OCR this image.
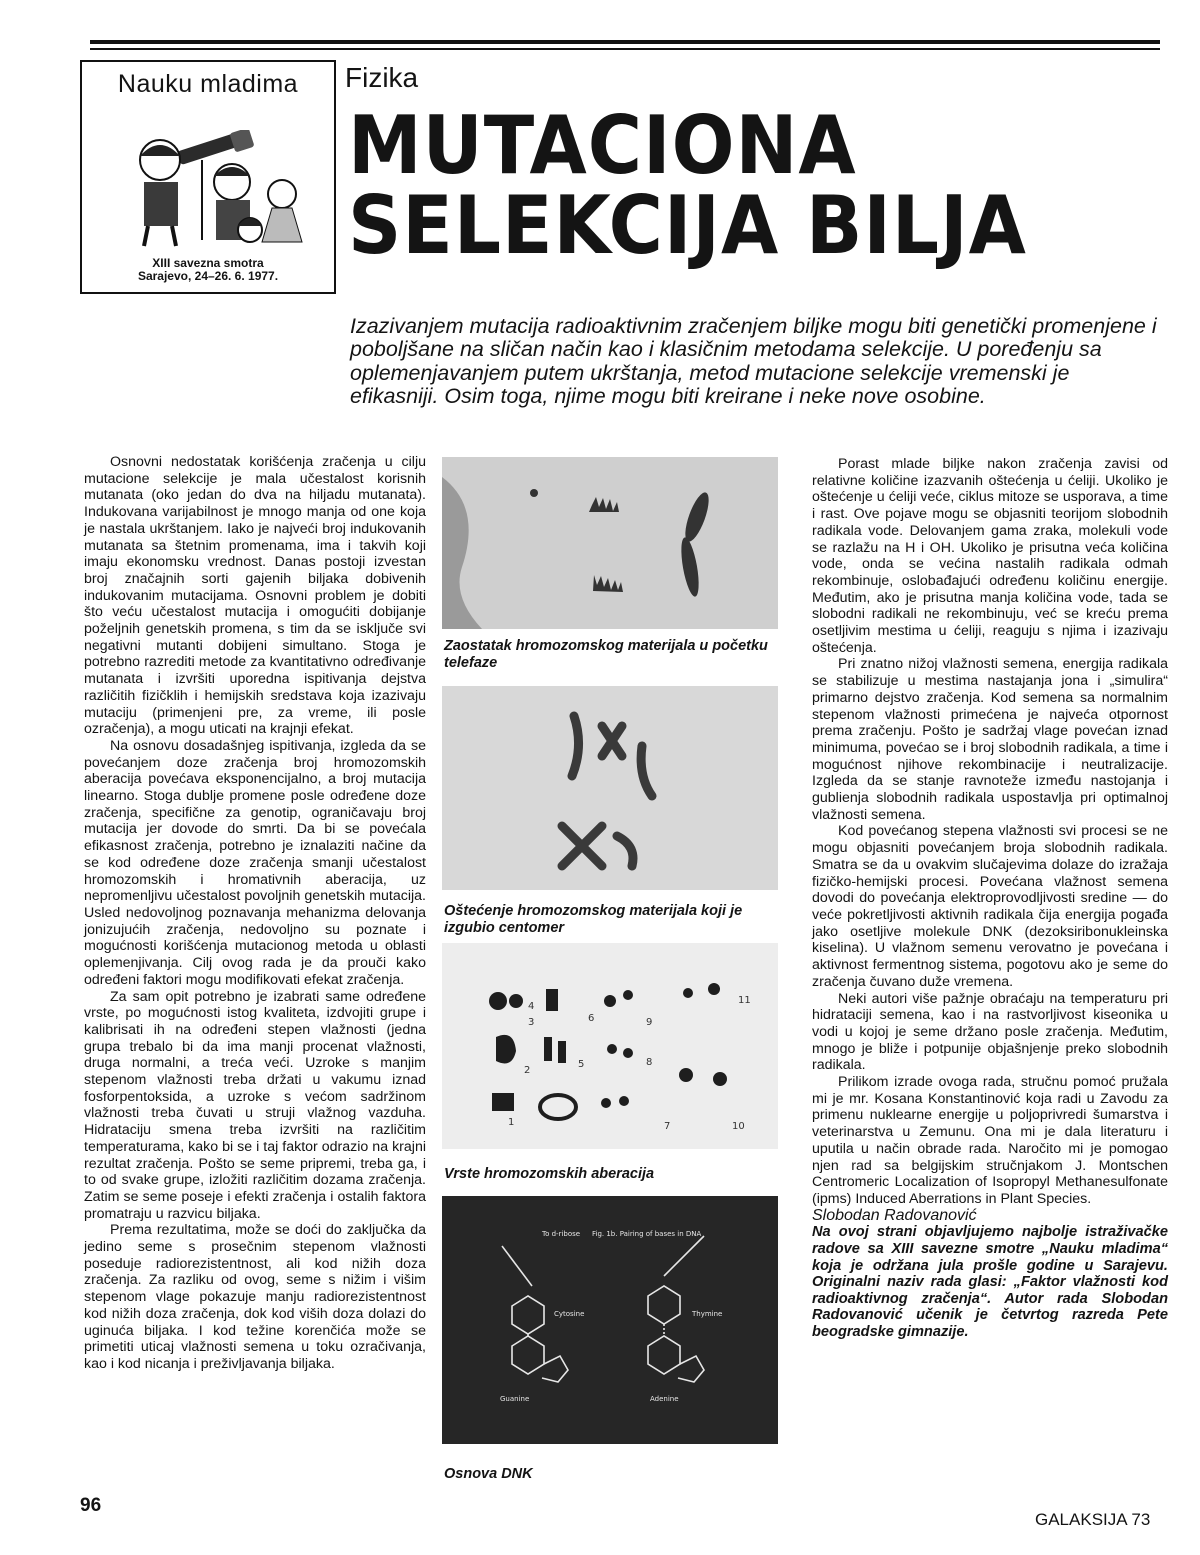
Nauku mladima
XIII savezna smotra
Sarajevo, 24–26. 6. 1977.
Fizika
MUTACIONA
SELEKCIJA BILJA
Izazivanjem mutacija radioaktivnim zračenjem biljke mogu biti genetički promenjene i poboljšane na sličan način kao i klasičnim metodama selekcije. U poređenju sa oplemenjavanjem putem ukrštanja, metod mutacione selekcije vremenski je efikasniji. Osim toga, njime mogu biti kreirane i neke nove osobine.

Osnovni nedostatak korišćenja zračenja u cilju mutacione selekcije je mala učestalost korisnih mutanata (oko jedan do dva na hiljadu mutanata). Indukovana varijabilnost je mnogo manja od one koja je nastala ukrštanjem. Iako je najveći broj indukovanih mutanata sa štetnim promenama, ima i takvih koji imaju ekonomsku vrednost. Danas postoji izvestan broj značajnih sorti gajenih biljaka dobivenih indukovanim mutacijama. Osnovni problem je dobiti što veću učestalost mutacija i omogućiti dobijanje poželjnih genetskih promena, s tim da se isključe svi negativni mutanti dobijeni simultano. Stoga je potrebno razrediti metode za kvantitativno određivanje mutanata i izvršiti uporedna ispitivanja dejstva različitih fizičklih i hemijskih sredstava koja izazivaju mutaciju (primenjeni pre, za vreme, ili posle ozračenja), a mogu uticati na krajnji efekat.

Na osnovu dosadašnjeg ispitivanja, izgleda da se povećanjem doze zračenja broj hromozomskih aberacija povećava eksponencijalno, a broj mutacija linearno. Stoga dublje promene posle određene doze zračenja, specifične za genotip, ograničavaju broj mutacija jer dovode do smrti. Da bi se povećala efikasnost zračenja, potrebno je iznalaziti načine da se kod određene doze zračenja smanji učestalost hromozomskih i hromativnih aberacija, uz nepromenljivu učestalost povoljnih genetskih mutacija. Usled nedovoljnog poznavanja mehanizma delovanja jonizujućih zračenja, nedovoljno su poznate i mogućnosti korišćenja mutacionog metoda u oblasti oplemenjivanja. Cilj ovog rada je da prouči kako određeni faktori mogu modifikovati efekat zračenja.

Za sam opit potrebno je izabrati same određene vrste, po mogućnosti istog kvaliteta, izdvojiti grupe i kalibrisati ih na određeni stepen vlažnosti (jedna grupa trebalo bi da ima manji procenat vlažnosti, druga normalni, a treća veći. Uzroke s manjim stepenom vlažnosti treba držati u vakumu iznad fosforpentoksida, a uzroke s većom sadržinom vlažnosti treba čuvati u struji vlažnog vazduha. Hidrataciju smena treba izvršiti na različitim temperaturama, kako bi se i taj faktor odrazio na krajni rezultat zračenja. Pošto se seme pripremi, treba ga, i to od svake grupe, izložiti različitim dozama zračenja. Zatim se seme poseje i efekti zračenja i ostalih faktora promatraju u razvicu biljaka.

Prema rezultatima, može se doći do zaključka da jedino seme s prosečnim stepenom vlažnosti poseduje radiorezistentnost, ali kod nižih doza zračenja. Za razliku od ovog, seme s nižim i višim stepenom vlage pokazuje manju radiorezistentnost kod nižih doza zračenja, dok kod viših doza dolazi do uginuća biljaka. I kod težine korenčića može se primetiti uticaj vlažnosti semena u toku ozračivanja, kao i kod nicanja i preživljavanja biljaka.

Zaostatak hromozomskog materijala u početku telefaze
Oštećenje hromozomskog materijala koji je izgubio centomer
1
2
3
4
5
6
7
8
9
10
11
Vrste hromozomskih aberacija
To d-ribose
Cytosine
Guanine
Thymine
Adenine
Fig. 1b. Pairing of bases in DNA
Osnova DNK

Porast mlade biljke nakon zračenja zavisi od relativne količine izazvanih oštećenja u ćeliji. Ukoliko je oštećenje u ćeliji veće, ciklus mitoze se usporava, a time i rast. Ove pojave mogu se objasniti teorijom slobodnih radikala vode. Delovanjem gama zraka, molekuli vode se razlažu na H i OH. Ukoliko je prisutna veća količina vode, onda se većina nastalih radikala odmah rekombinuje, oslobađajući određenu količinu energije. Međutim, ako je prisutna manja količina vode, tada se slobodni radikali ne rekombinuju, već se kreću prema osetljivim mestima u ćeliji, reaguju s njima i izazivaju oštećenja.

Pri znatno nižoj vlažnosti semena, energija radikala se stabilizuje u mestima nastajanja jona i „simulira“ primarno dejstvo zračenja. Kod semena sa normalnim stepenom vlažnosti primećena je najveća otpornost prema zračenju. Pošto je sadržaj vlage povećan iznad minimuma, povećao se i broj slobodnih radikala, a time i mogućnost njihove rekombinacije i neutralizacije. Izgleda da se stanje ravnoteže između nastojanja i gublienja slobodnih radikala uspostavlja pri optimalnoj vlažnosti semena.

Kod povećanog stepena vlažnosti svi procesi se ne mogu objasniti povećanjem broja slobodnih radikala. Smatra se da u ovakvim slučajevima dolaze do izražaja fizičko-hemijski procesi. Povećana vlažnost semena dovodi do povećanja elektroprovodljivosti sredine — do veće pokretljivosti aktivnih radikala čija energija pogađa jako osetljive molekule DNK (dezoksiribonukleinska kiselina). U vlažnom semenu verovatno je povećana i aktivnost fermentnog sistema, pogotovu ako je seme do zračenja čuvano duže vremena.

Neki autori više pažnje obraćaju na temperaturu pri hidrataciji semena, kao i na rastvorljivost kiseonika u vodi u kojoj je seme držano posle zračenja. Međutim, mnogo je bliže i potpunije objašnjenje preko slobodnih radikala.

Prilikom izrade ovoga rada, stručnu pomoć pružala mi je mr. Kosana Konstantinović koja radi u Zavodu za primenu nuklearne energije u poljoprivredi šumarstva i veterinarstva u Zemunu. Ona mi je dala literaturu i uputila u način obrade rada. Naročito mi je pomogao njen rad sa belgijskim stručnjakom J. Montschen Centromeric Localization of Isopropyl Methanesulfonate (ipms) Induced Aberrations in Plant Species.

Slobodan Radovanović

Na ovoj strani objavljujemo najbolje istraživačke radove sa XIII savezne smotre „Nauku mladima“ koja je održana jula prošle godine u Sarajevu. Originalni naziv rada glasi: „Faktor vlažnosti kod radioaktivnog zračenja“. Autor rada Slobodan Radovanović učenik je četvrtog razreda Pete beogradske gimnazije.

96
GALAKSIJA 73
